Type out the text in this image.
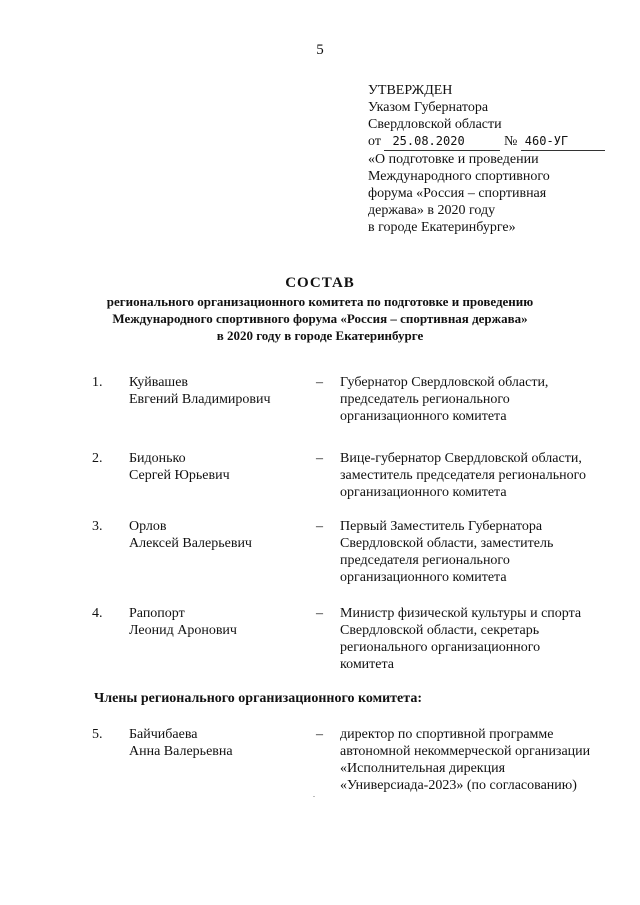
5
УТВЕРЖДЕН
Указом Губернатора
Свердловской области
от 25.08.2020	№ 460-УГ
«О подготовке и проведении
Международного спортивного
форума «Россия – спортивная
держава» в 2020 году
в городе Екатеринбурге»
СОСТАВ
регионального организационного комитета по подготовке и проведению
Международного спортивного форума «Россия – спортивная держава»
в 2020 году в городе Екатеринбурге
1. Куйвашев
Евгений Владимирович
– Губернатор Свердловской области,
председатель регионального
организационного комитета
2. Бидонько
Сергей Юрьевич
– Вице-губернатор Свердловской области,
заместитель председателя регионального
организационного комитета
3. Орлов
Алексей Валерьевич
– Первый Заместитель Губернатора
Свердловской области, заместитель
председателя регионального
организационного комитета
4. Рапопорт
Леонид Аронович
– Министр физической культуры и спорта
Свердловской области, секретарь
регионального организационного
комитета
Члены регионального организационного комитета:
5. Байчибаева
Анна Валерьевна
– директор по спортивной программе
автономной некоммерческой организации
«Исполнительная дирекция
«Универсиада-2023» (по согласованию)
